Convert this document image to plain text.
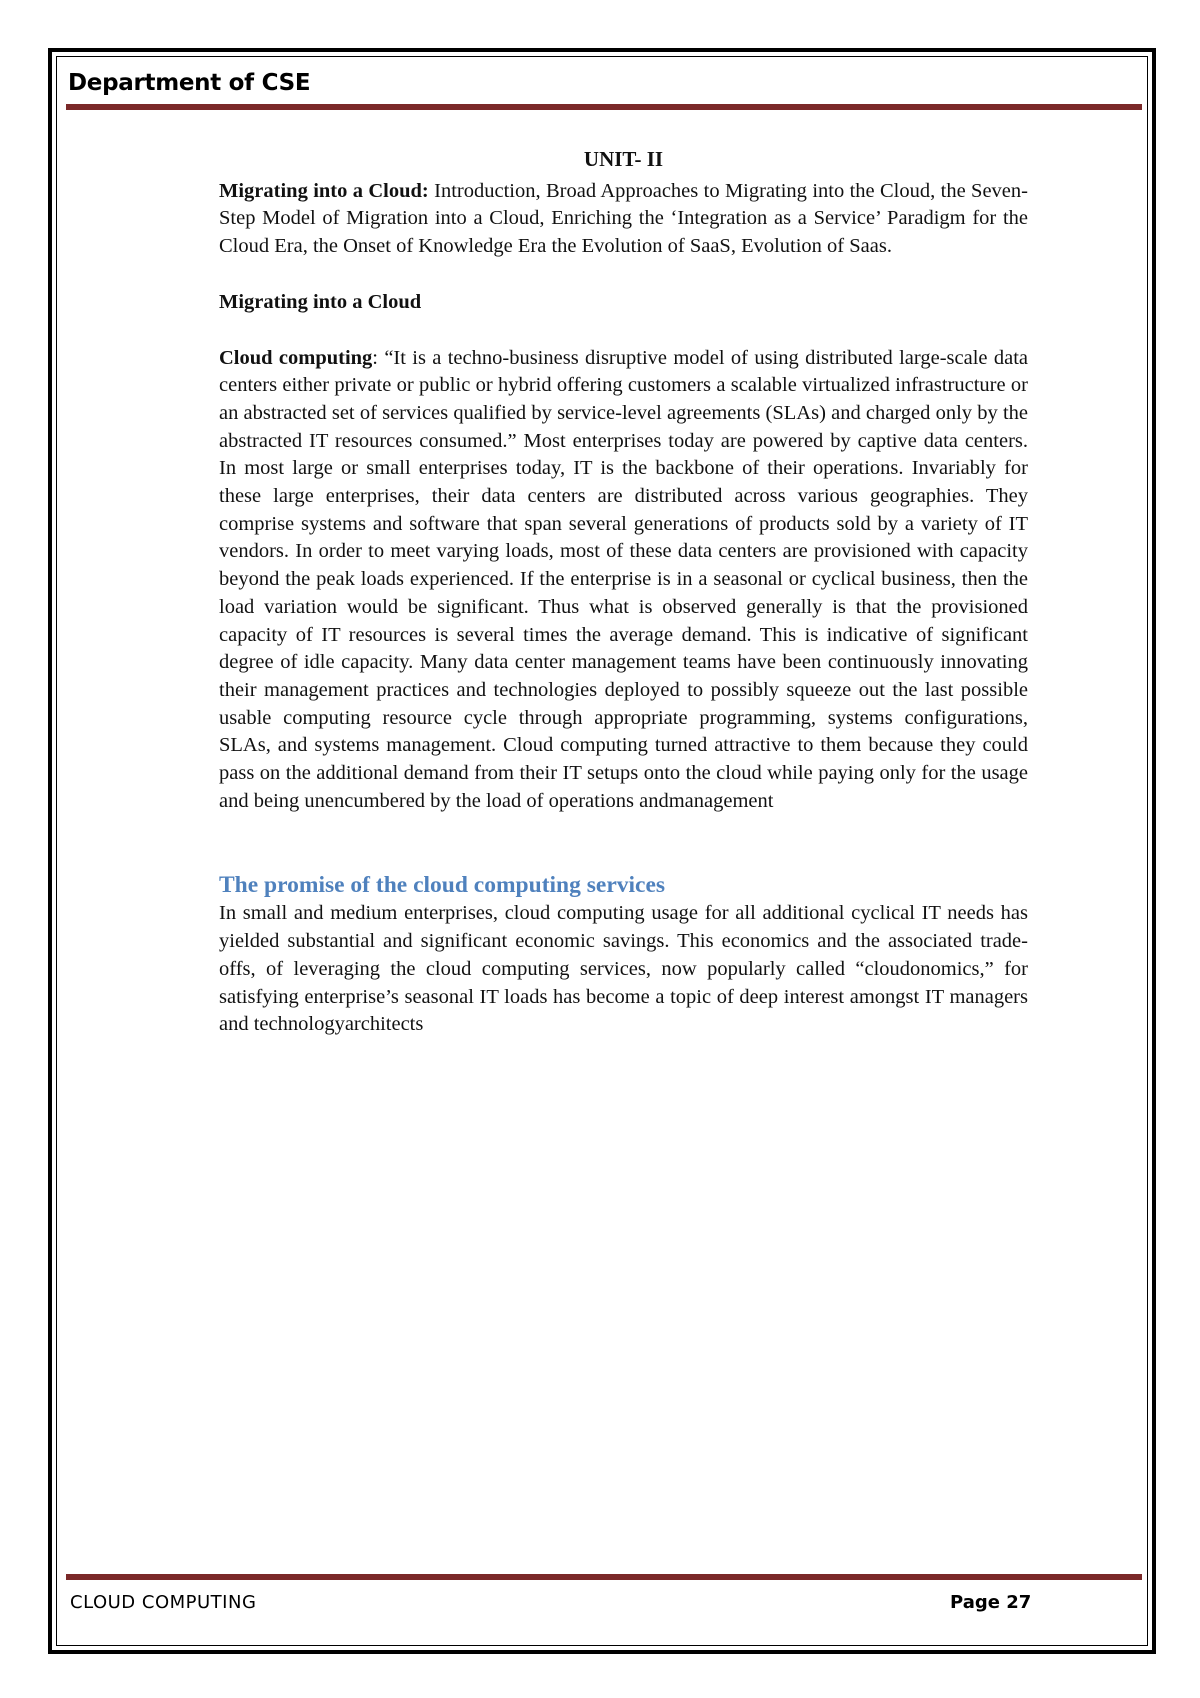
Department of CSE
UNIT- II

Migrating into a Cloud: Introduction, Broad Approaches to Migrating into the Cloud, the Seven-Step Model of Migration into a Cloud, Enriching the ‘Integration as a Service’ Paradigm for the Cloud Era, the Onset of Knowledge Era the Evolution of SaaS, Evolution of Saas.

Migrating into a Cloud

Cloud computing: “It is a techno-business disruptive model of using distributed large-scale data centers either private or public or hybrid offering customers a scalable virtualized infrastructure or an abstracted set of services qualified by service-level agreements (SLAs) and charged only by the abstracted IT resources consumed.” Most enterprises today are powered by captive data centers. In most large or small enterprises today, IT is the backbone of their operations. Invariably for these large enterprises, their data centers are distributed across various geographies. They comprise systems and software that span several generations of products sold by a variety of IT vendors. In order to meet varying loads, most of these data centers are provisioned with capacity beyond the peak loads experienced. If the enterprise is in a seasonal or cyclical business, then the load variation would be significant. Thus what is observed generally is that the provisioned capacity of IT resources is several times the average demand. This is indicative of significant degree of idle capacity. Many data center management teams have been continuously innovating their management practices and technologies deployed to possibly squeeze out the last possible usable computing resource cycle through appropriate programming, systems configurations, SLAs, and systems management. Cloud computing turned attractive to them because they could pass on the additional demand from their IT setups onto the cloud while paying only for the usage and being unencumbered by the load of operations andmanagement

The promise of the cloud computing services

In small and medium enterprises, cloud computing usage for all additional cyclical IT needs has yielded substantial and significant economic savings. This economics and the associated trade- offs, of leveraging the cloud computing services, now popularly called “cloudonomics,” for satisfying enterprise’s seasonal IT loads has become a topic of deep interest amongst IT managers and technologyarchitects

CLOUD COMPUTING	Page 27
